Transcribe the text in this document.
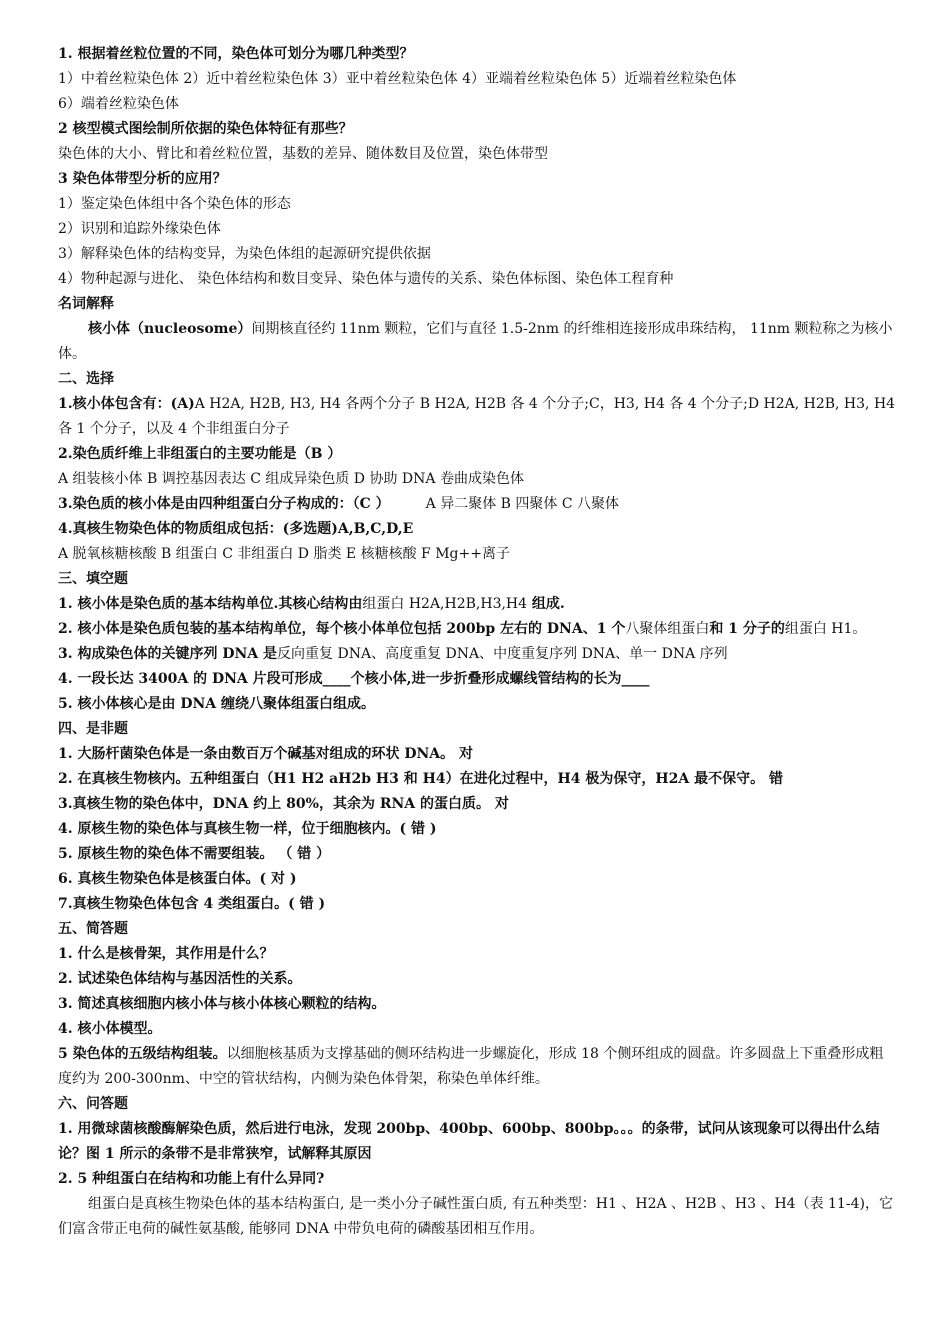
1. 根据着丝粒位置的不同，染色体可划分为哪几种类型？
1）中着丝粒染色体 2）近中着丝粒染色体 3）亚中着丝粒染色体 4）亚端着丝粒染色体 5）近端着丝粒染色体
6）端着丝粒染色体
2 核型模式图绘制所依据的染色体特征有那些？
染色体的大小、臂比和着丝粒位置，基数的差异、随体数目及位置，染色体带型
3 染色体带型分析的应用？
1）鉴定染色体组中各个染色体的形态
2）识别和追踪外缘染色体
3）解释染色体的结构变异，为染色体组的起源研究提供依据
4）物种起源与进化、 染色体结构和数目变异、染色体与遗传的关系、染色体标图、染色体工程育种
名词解释
核小体（nucleosome）间期核直径约 11nm 颗粒，它们与直径 1.5-2nm 的纤维相连接形成串珠结构， 11nm 颗粒称之为核小体。
二、选择
1.核小体包含有：(A)A H2A, H2B, H3, H4 各两个分子 B H2A, H2B 各 4 个分子;C，H3, H4 各 4 个分子;D H2A, H2B, H3, H4 各 1 个分子，以及 4 个非组蛋白分子
2.染色质纤维上非组蛋白的主要功能是（B ）
A 组装核小体 B 调控基因表达 C 组成异染色质 D 协助 DNA 卷曲成染色体
3.染色质的核小体是由四种组蛋白分子构成的：（C ）	A 异二聚体 B 四聚体 C 八聚体
4.真核生物染色体的物质组成包括：(多选题)A,B,C,D,E
A 脱氧核糖核酸 B 组蛋白 C 非组蛋白 D 脂类 E 核糖核酸 F Mg++离子
三、填空题
1. 核小体是染色质的基本结构单位.其核心结构由组蛋白 H2A,H2B,H3,H4 组成.
2. 核小体是染色质包装的基本结构单位，每个核小体单位包括 200bp 左右的 DNA、1 个八聚体组蛋白和 1 分子的组蛋白 H1。
3. 构成染色体的关键序列 DNA 是反向重复 DNA、高度重复 DNA、中度重复序列 DNA、单一 DNA 序列
4. 一段长达 3400A 的 DNA 片段可形成____个核小体,进一步折叠形成螺线管结构的长为____
5. 核小体核心是由 DNA 缠绕八聚体组蛋白组成。
四、是非题
1. 大肠杆菌染色体是一条由数百万个碱基对组成的环状 DNA。 对
2. 在真核生物核内。五种组蛋白（H1 H2 aH2b H3 和 H4）在进化过程中，H4 极为保守，H2A 最不保守。 错
3.真核生物的染色体中，DNA 约上 80%，其余为 RNA 的蛋白质。 对
4. 原核生物的染色体与真核生物一样，位于细胞核内。( 错 )
5. 原核生物的染色体不需要组装。 （ 错 ）
6. 真核生物染色体是核蛋白体。( 对 )
7.真核生物染色体包含 4 类组蛋白。( 错 )
五、简答题
1. 什么是核骨架，其作用是什么？
2. 试述染色体结构与基因活性的关系。
3. 简述真核细胞内核小体与核小体核心颗粒的结构。
4. 核小体模型。
5 染色体的五级结构组装。以细胞核基质为支撑基础的侧环结构进一步螺旋化，形成 18 个侧环组成的圆盘。许多圆盘上下重叠形成粗度约为 200-300nm、中空的管状结构，内侧为染色体骨架，称染色单体纤维。
六、问答题
1. 用微球菌核酸酶解染色质，然后进行电泳，发现 200bp、400bp、600bp、800bp。。。的条带，试问从该现象可以得出什么结论？图 1 所示的条带不是非常狭窄，试解释其原因
2. 5 种组蛋白在结构和功能上有什么异同?
组蛋白是真核生物染色体的基本结构蛋白, 是一类小分子碱性蛋白质, 有五种类型：H1 、H2A 、H2B 、H3 、H4（表 11-4)，它们富含带正电荷的碱性氨基酸, 能够同 DNA 中带负电荷的磷酸基团相互作用。
